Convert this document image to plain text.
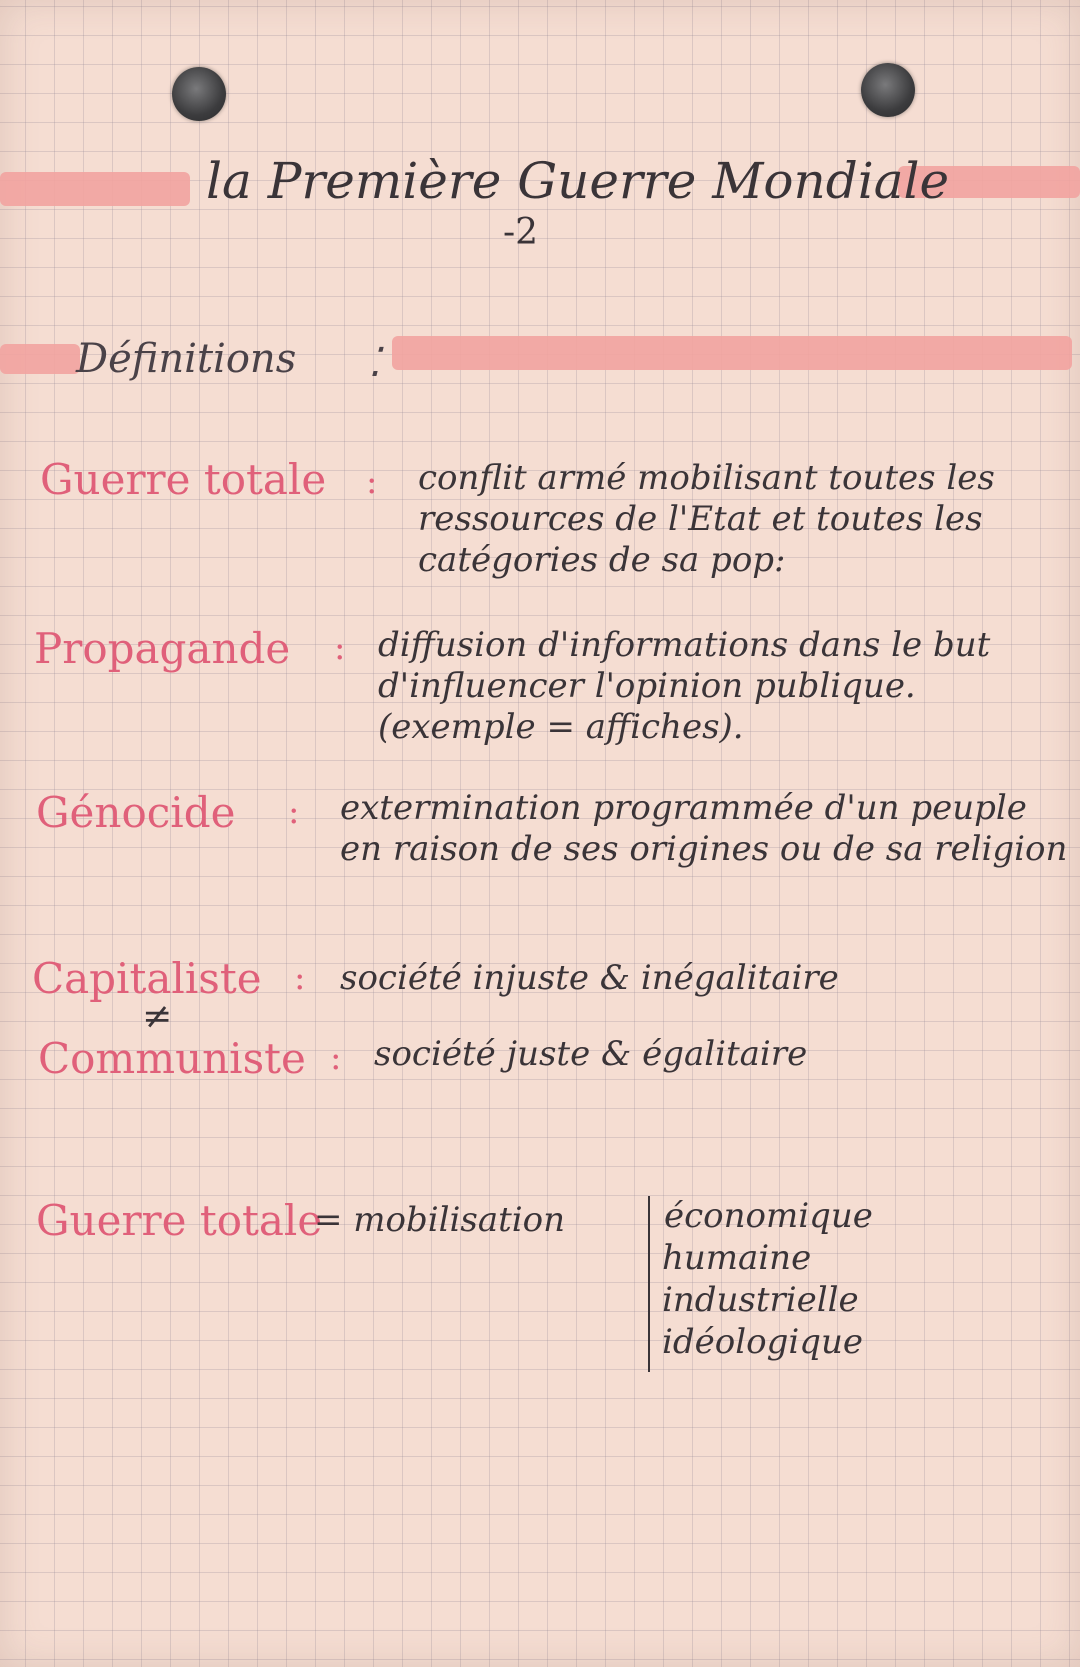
la Première Guerre Mondiale
-2
Définitions ⁚
Guerre totale : conflit armé mobilisant toutes les ressources de l'Etat et toutes les catégories de sa pop:
Propagande : diffusion d'informations dans le but d'influencer l'opinion publique. (exemple = affiches).
Génocide : extermination programmée d'un peuple en raison de ses origines ou de sa religion
Capitaliste : société injuste & inégalitaire
≠
Communiste : société juste & égalitaire
Guerre totale
= mobilisation	économique
humaine
industrielle
idéologique
